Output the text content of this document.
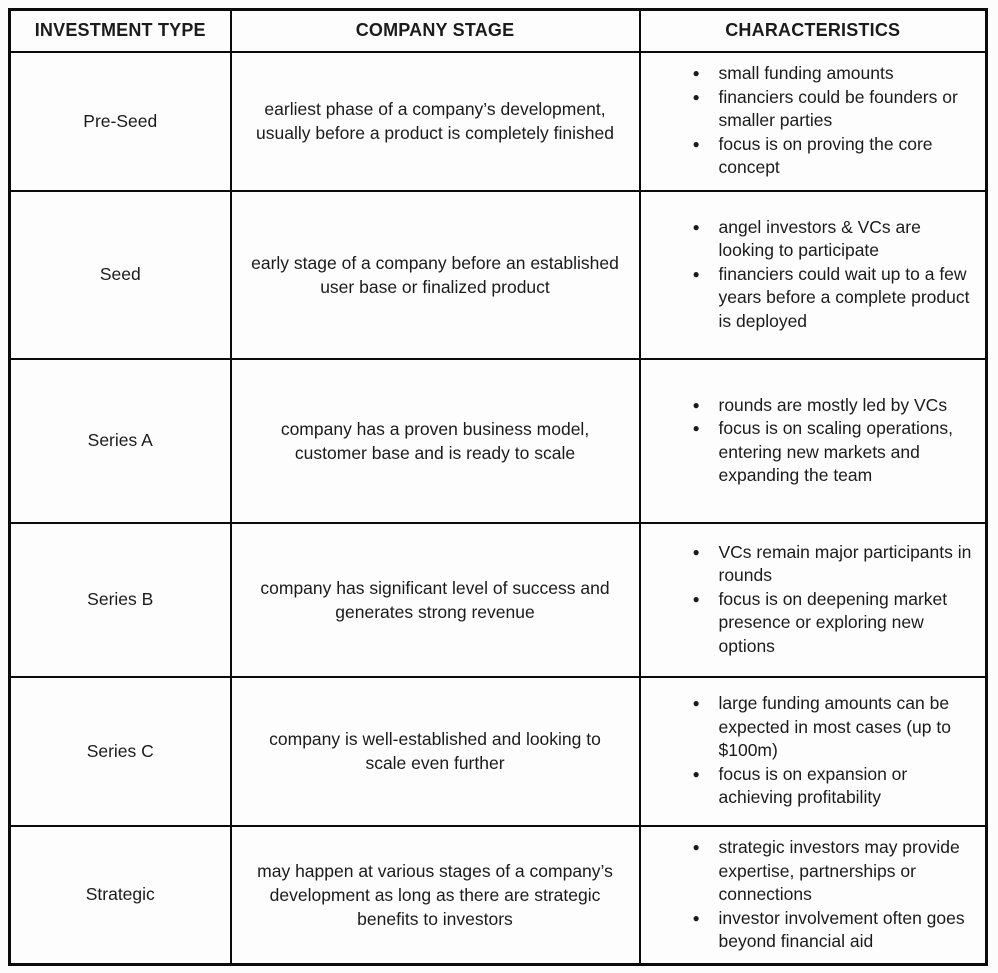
INVESTMENT TYPE	COMPANY STAGE	CHARACTERISTICS
Pre-Seed	earliest phase of a company’s development, usually before a product is completely finished	
● small funding amounts
● financiers could be founders or smaller parties
● focus is on proving the core concept

Seed	early stage of a company before an established user base or finalized product	
● angel investors & VCs are looking to participate
● financiers could wait up to a few years before a complete product is deployed

Series A	company has a proven business model, customer base and is ready to scale	
● rounds are mostly led by VCs
● focus is on scaling operations, entering new markets and expanding the team

Series B	company has significant level of success and generates strong revenue	
● VCs remain major participants in rounds
● focus is on deepening market presence or exploring new options

Series C	company is well-established and looking to scale even further	
● large funding amounts can be expected in most cases (up to $100m)
● focus is on expansion or achieving profitability

Strategic	may happen at various stages of a company’s development as long as there are strategic benefits to investors	
● strategic investors may provide expertise, partnerships or connections
● investor involvement often goes beyond financial aid
